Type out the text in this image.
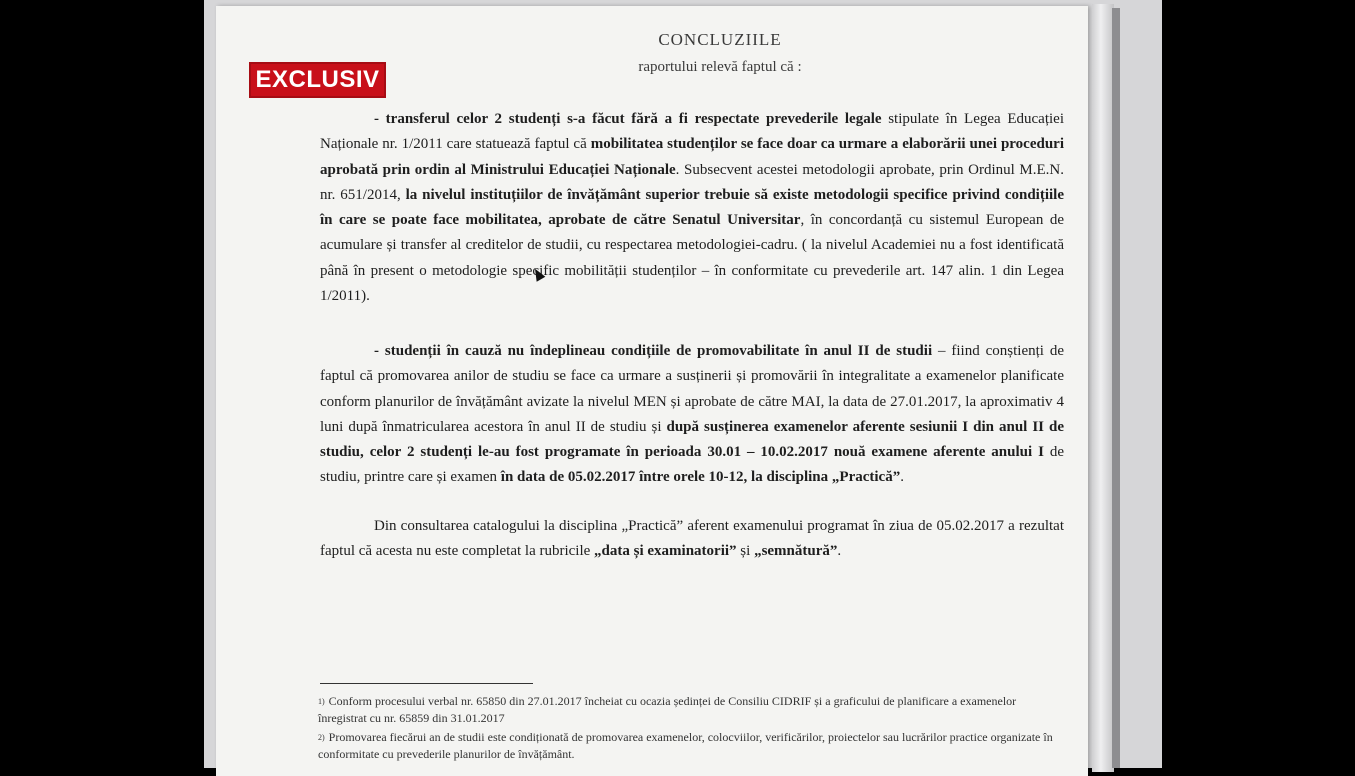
EXCLUSIV
CONCLUZIILE
raportului relevă faptul că :

- transferul celor 2 studenți s-a făcut fără a fi respectate prevederile legale stipulate în Legea Educației Naționale nr. 1/2011 care statuează faptul că mobilitatea studenților se face doar ca urmare a elaborării unei proceduri aprobată prin ordin al Ministrului Educației Naționale. Subsecvent acestei metodologii aprobate, prin Ordinul M.E.N. nr. 651/2014, la nivelul instituțiilor de învățământ superior trebuie să existe metodologii specifice privind condițiile în care se poate face mobilitatea, aprobate de către Senatul Universitar, în concordanță cu sistemul European de acumulare și transfer al creditelor de studii, cu respectarea metodologiei-cadru. ( la nivelul Academiei nu a fost identificată până în present o metodologie specific mobilității studenților – în conformitate cu prevederile art. 147 alin. 1 din Legea 1/2011).

- studenții în cauză nu îndeplineau condițiile de promovabilitate în anul II de studii – fiind conștienți de faptul că promovarea anilor de studiu se face ca urmare a susținerii și promovării în integralitate a examenelor planificate conform planurilor de învățământ avizate la nivelul MEN și aprobate de către MAI, la data de 27.01.2017, la aproximativ 4 luni după înmatricularea acestora în anul II de studiu și după susținerea examenelor aferente sesiunii I din anul II de studiu, celor 2 studenți le-au fost programate în perioada 30.01 – 10.02.2017 nouă examene aferente anului I de studiu, printre care și examen în data de 05.02.2017 între orele 10-12, la disciplina „Practică”.

Din consultarea catalogului la disciplina „Practică” aferent examenului programat în ziua de 05.02.2017 a rezultat faptul că acesta nu este completat la rubricile „data și examinatorii” și „semnătură”.

$^{1)}$ Conform procesului verbal nr. 65850 din 27.01.2017 încheiat cu ocazia ședinței de Consiliu CIDRIF și a graficului de planificare a examenelor înregistrat cu nr. 65859 din 31.01.2017
$^{2)}$ Promovarea fiecărui an de studii este condiționată de promovarea examenelor, colocviilor, verificărilor, proiectelor sau lucrărilor practice organizate în conformitate cu prevederile planurilor de învățământ.
